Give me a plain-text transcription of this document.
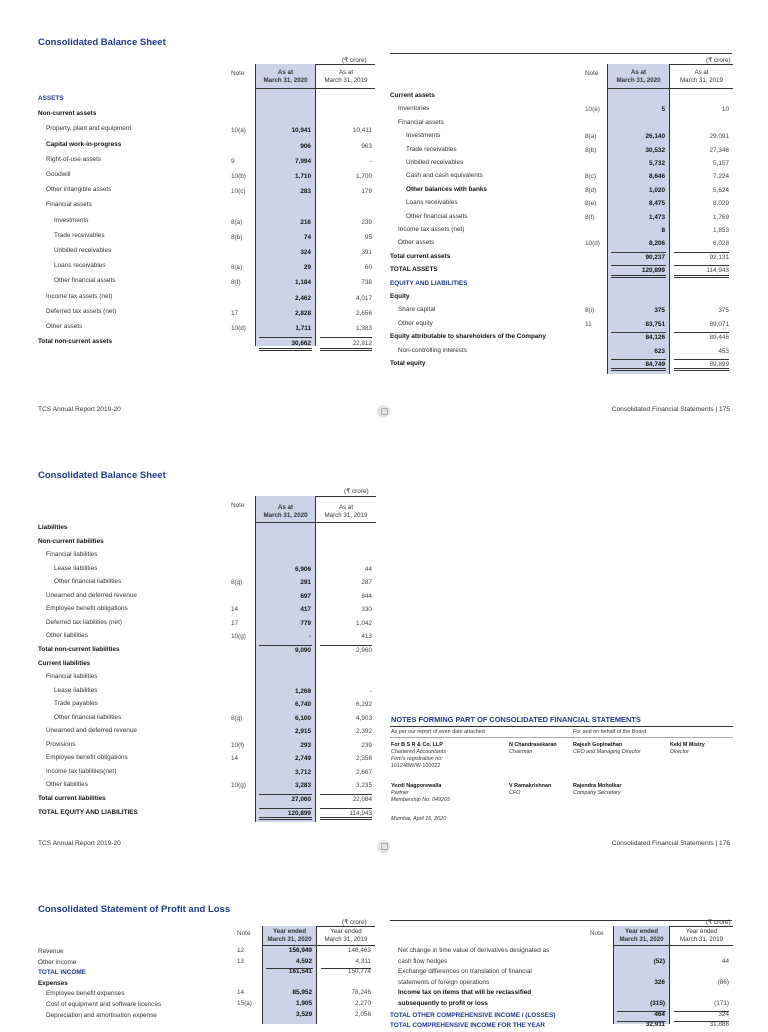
Consolidated Balance Sheet
(₹ crore)
Note	As at
March 31, 2020
As at
March 31, 2019
ASSETS
Non-current assets
Property, plant and equipment	10(a)	10,941	10,411
Capital work-in-progress	906	963
Right-of-use assets	9	7,994	-
Goodwill	10(b)	1,710	1,700
Other intangible assets	10(c)	283	179
Financial assets
Investments	8(a)	216	239
Trade receivables	8(b)	74	95
Unbilled receivables	324	391
Loans receivables	8(e)	29	60
Other financial assets	8(f)	1,184	738
Income tax assets (net)	2,462	4,017
Deferred tax assets (net)	17	2,828	2,656
Other assets	10(d)	1,711	1,383
Total non-current assets	30,662	22,812
(₹ crore)
Note	As at
March 31, 2020
As at
March 31, 2019
Current assets
Inventories	10(e)	5	10
Financial assets
Investments	8(a)	26,140	29,091
Trade receivables	8(b)	30,532	27,346
Unbilled receivables	5,732	5,157
Cash and cash equivalents	8(c)	8,646	7,224
Other balances with banks	8(d)	1,020	5,624
Loans receivables	8(e)	8,475	8,029
Other financial assets	8(f)	1,473	1,769
Income tax assets (net)	8	1,853
Other assets	10(d)	8,206	6,028
Total current assets	90,237	92,131
TOTAL ASSETS	120,899	114,943
EQUITY AND LIABILITIES
Equity
Share capital	8(i)	375	375
Other equity	11	83,751	89,071
Equity attributable to shareholders of the Company	84,126	89,446
Non-controlling interests	623	453
Total equity	84,749	89,899
TCS Annual Report 2019-20	Consolidated Financial Statements | 175
Consolidated Balance Sheet
(₹ crore)
Note	As at
March 31, 2020
As at
March 31, 2019
Liabilities
Non-current liabilities
Financial liabilities
Lease liabilities	6,906	44
Other financial liabilities	8(g)	291	287
Unearned and deferred revenue	697	844
Employee benefit obligations	14	417	330
Deferred tax liabilities (net)	17	779	1,042
Other liabilities	10(g)	-	413
Total non-current liabilities	9,090	2,960
Current liabilities
Financial liabilities
Lease liabilities	1,268	-
Trade payables	6,740	6,292
Other financial liabilities	8(g)	6,100	4,903
Unearned and deferred revenue	2,915	2,392
Provisions	10(f)	293	239
Employee benefit obligations	14	2,749	2,356
Income tax liabilities(net)	3,712	2,667
Other liabilities	10(g)	3,283	3,235
Total current liabilities	27,060	22,084
TOTAL EQUITY AND LIABILITIES	120,899	114,943
NOTES FORMING PART OF CONSOLIDATED FINANCIAL STATEMENTS
As per our report of even date attached	For and on behalf of the Board
For B S R & Co. LLP
Chartered Accountants
Firm's registration no:
101248W/W-100022
N Chandrasekaran
Chairman
Rajesh Gopinathan
CEO and Managing Director
Keki M Mistry
Director
Yezdi Nagporewalla
Partner
Membership No: 049265
V Ramakrishnan
CFO
Rajendra Moholkar
Company Secretary
Mumbai, April 16, 2020
TCS Annual Report 2019-20	Consolidated Financial Statements | 176
Consolidated Statement of Profit and Loss
(₹ crore)
Note	Year ended
March 31, 2020
Year ended
March 31, 2019
Revenue	12	156,949	146,463
Other income	13	4,592	4,311
TOTAL INCOME	161,541	150,774
Expenses
Employee benefit expenses	14	85,952	78,246
Cost of equipment and software licences	15(a)	1,905	2,270
Depreciation and amortisation expense	3,529	2,056
(₹ crore)
Note	Year ended
March 31, 2020
Year ended
March 31, 2019
Net change in time value of derivatives designated as
cash flow hedges	(52)	44
Exchange differences on translation of financial
statements of foreign operations	326	(86)
Income tax on items that will be reclassified
subsequently to profit or loss	(315)	(171)
TOTAL OTHER COMPREHENSIVE INCOME / (LOSSES)	464	324
TOTAL COMPREHENSIVE INCOME FOR THE YEAR	32,911	31,886
